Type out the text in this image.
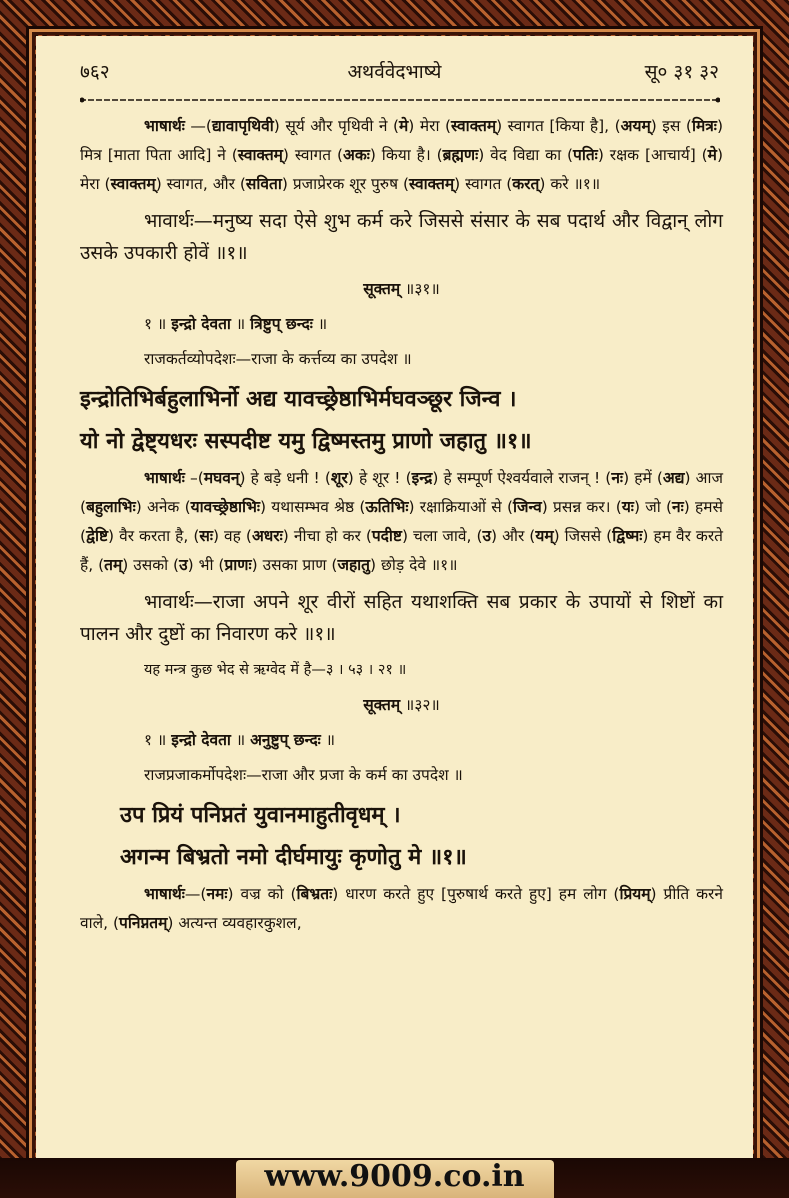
७६२	अथर्ववेदभाष्ये	सू० ३१ ३२

भाषार्थः —(द्यावापृथिवी) सूर्य और पृथिवी ने (मे) मेरा (स्वाक्तम्) स्वागत [किया है], (अयम्) इस (मित्रः) मित्र [माता पिता आदि] ने (स्वाक्तम्) स्वागत (अकः) किया है। (ब्रह्मणः) वेद विद्या का (पतिः) रक्षक [आचार्य] (मे) मेरा (स्वाक्तम्) स्वागत, और (सविता) प्रजाप्रेरक शूर पुरुष (स्वाक्तम्) स्वागत (करत्) करे ॥१॥

भावार्थः—मनुष्य सदा ऐसे शुभ कर्म करे जिससे संसार के सब पदार्थ और विद्वान् लोग उसके उपकारी होवें ॥१॥

सूक्तम् ॥३१॥

१ ॥ इन्द्रो देवता ॥ त्रिष्टुप् छन्दः ॥

राजकर्तव्योपदेशः—राजा के कर्त्तव्य का उपदेश ॥

इन्द्रोतिभिर्बहुलाभिर्नो अद्य यावच्छ्रेष्ठाभिर्मघवञ्छूर जिन्व ।

यो नो द्वेष्ट्यधरः सस्पदीष्ट यमु द्विष्मस्तमु प्राणो जहातु ॥१॥

भाषार्थः –(मघवन्) हे बड़े धनी ! (शूर) हे शूर ! (इन्द्र) हे सम्पूर्ण ऐश्वर्यवाले राजन् ! (नः) हमें (अद्य) आज (बहुलाभिः) अनेक (यावच्छ्रेष्ठाभिः) यथासम्भव श्रेष्ठ (ऊतिभिः) रक्षाक्रियाओं से (जिन्व) प्रसन्न कर। (यः) जो (नः) हमसे (द्वेष्टि) वैर करता है, (सः) वह (अधरः) नीचा हो कर (पदीष्ट) चला जावे, (उ) और (यम्) जिससे (द्विष्मः) हम वैर करते हैं, (तम्) उसको (उ) भी (प्राणः) उसका प्राण (जहातु) छोड़ देवे ॥१॥

भावार्थः—राजा अपने शूर वीरों सहित यथाशक्ति सब प्रकार के उपायों से शिष्टों का पालन और दुष्टों का निवारण करे ॥१॥

यह मन्त्र कुछ भेद से ऋग्वेद में है—३ । ५३ । २१ ॥

सूक्तम् ॥३२॥

१ ॥ इन्द्रो देवता ॥ अनुष्टुप् छन्दः ॥

राजप्रजाकर्मोपदेशः—राजा और प्रजा के कर्म का उपदेश ॥

उप प्रियं पनिप्नतं युवानमाहुतीवृधम् ।

अगन्म बिभ्रतो नमो दीर्घमायुः कृणोतु मे ॥१॥

भाषार्थः—(नमः) वज्र को (बिभ्रतः) धारण करते हुए [पुरुषार्थ करते हुए] हम लोग (प्रियम्) प्रीति करने वाले, (पनिप्नतम्) अत्यन्त व्यवहारकुशल,

www.9009.co.in
